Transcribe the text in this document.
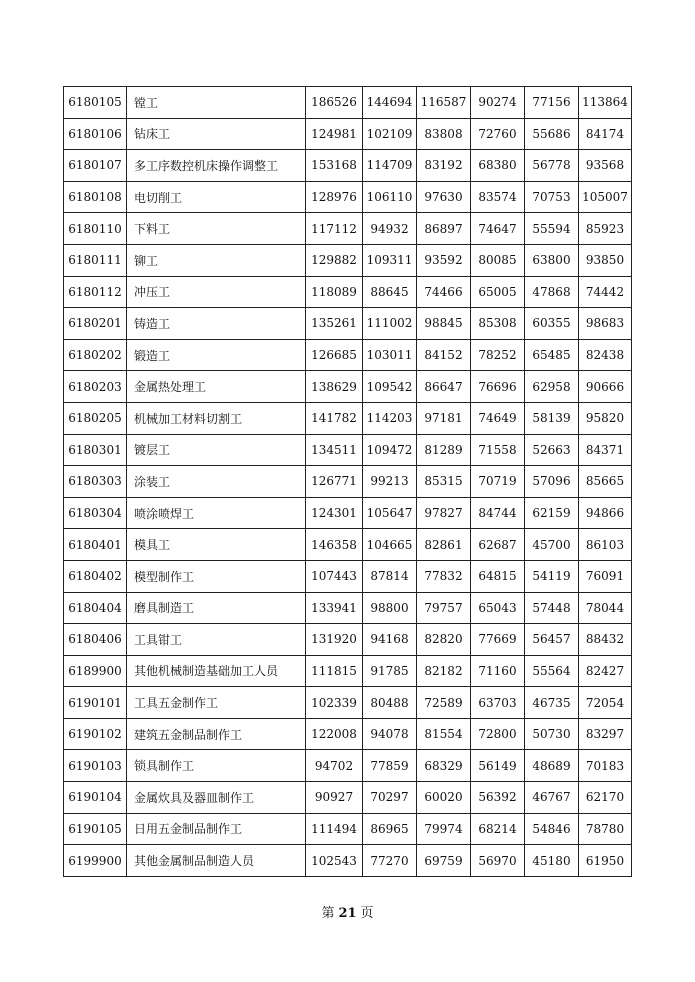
6180105	镗工	186526	144694	116587	90274	77156	113864
6180106	钻床工	124981	102109	83808	72760	55686	84174
6180107	多工序数控机床操作调整工	153168	114709	83192	68380	56778	93568
6180108	电切削工	128976	106110	97630	83574	70753	105007
6180110	下料工	117112	94932	86897	74647	55594	85923
6180111	铆工	129882	109311	93592	80085	63800	93850
6180112	冲压工	118089	88645	74466	65005	47868	74442
6180201	铸造工	135261	111002	98845	85308	60355	98683
6180202	锻造工	126685	103011	84152	78252	65485	82438
6180203	金属热处理工	138629	109542	86647	76696	62958	90666
6180205	机械加工材料切割工	141782	114203	97181	74649	58139	95820
6180301	镀层工	134511	109472	81289	71558	52663	84371
6180303	涂装工	126771	99213	85315	70719	57096	85665
6180304	喷涂喷焊工	124301	105647	97827	84744	62159	94866
6180401	模具工	146358	104665	82861	62687	45700	86103
6180402	模型制作工	107443	87814	77832	64815	54119	76091
6180404	磨具制造工	133941	98800	79757	65043	57448	78044
6180406	工具钳工	131920	94168	82820	77669	56457	88432
6189900	其他机械制造基础加工人员	111815	91785	82182	71160	55564	82427
6190101	工具五金制作工	102339	80488	72589	63703	46735	72054
6190102	建筑五金制品制作工	122008	94078	81554	72800	50730	83297
6190103	锁具制作工	94702	77859	68329	56149	48689	70183
6190104	金属炊具及器皿制作工	90927	70297	60020	56392	46767	62170
6190105	日用五金制品制作工	111494	86965	79974	68214	54846	78780
6199900	其他金属制品制造人员	102543	77270	69759	56970	45180	61950
第 21 页
